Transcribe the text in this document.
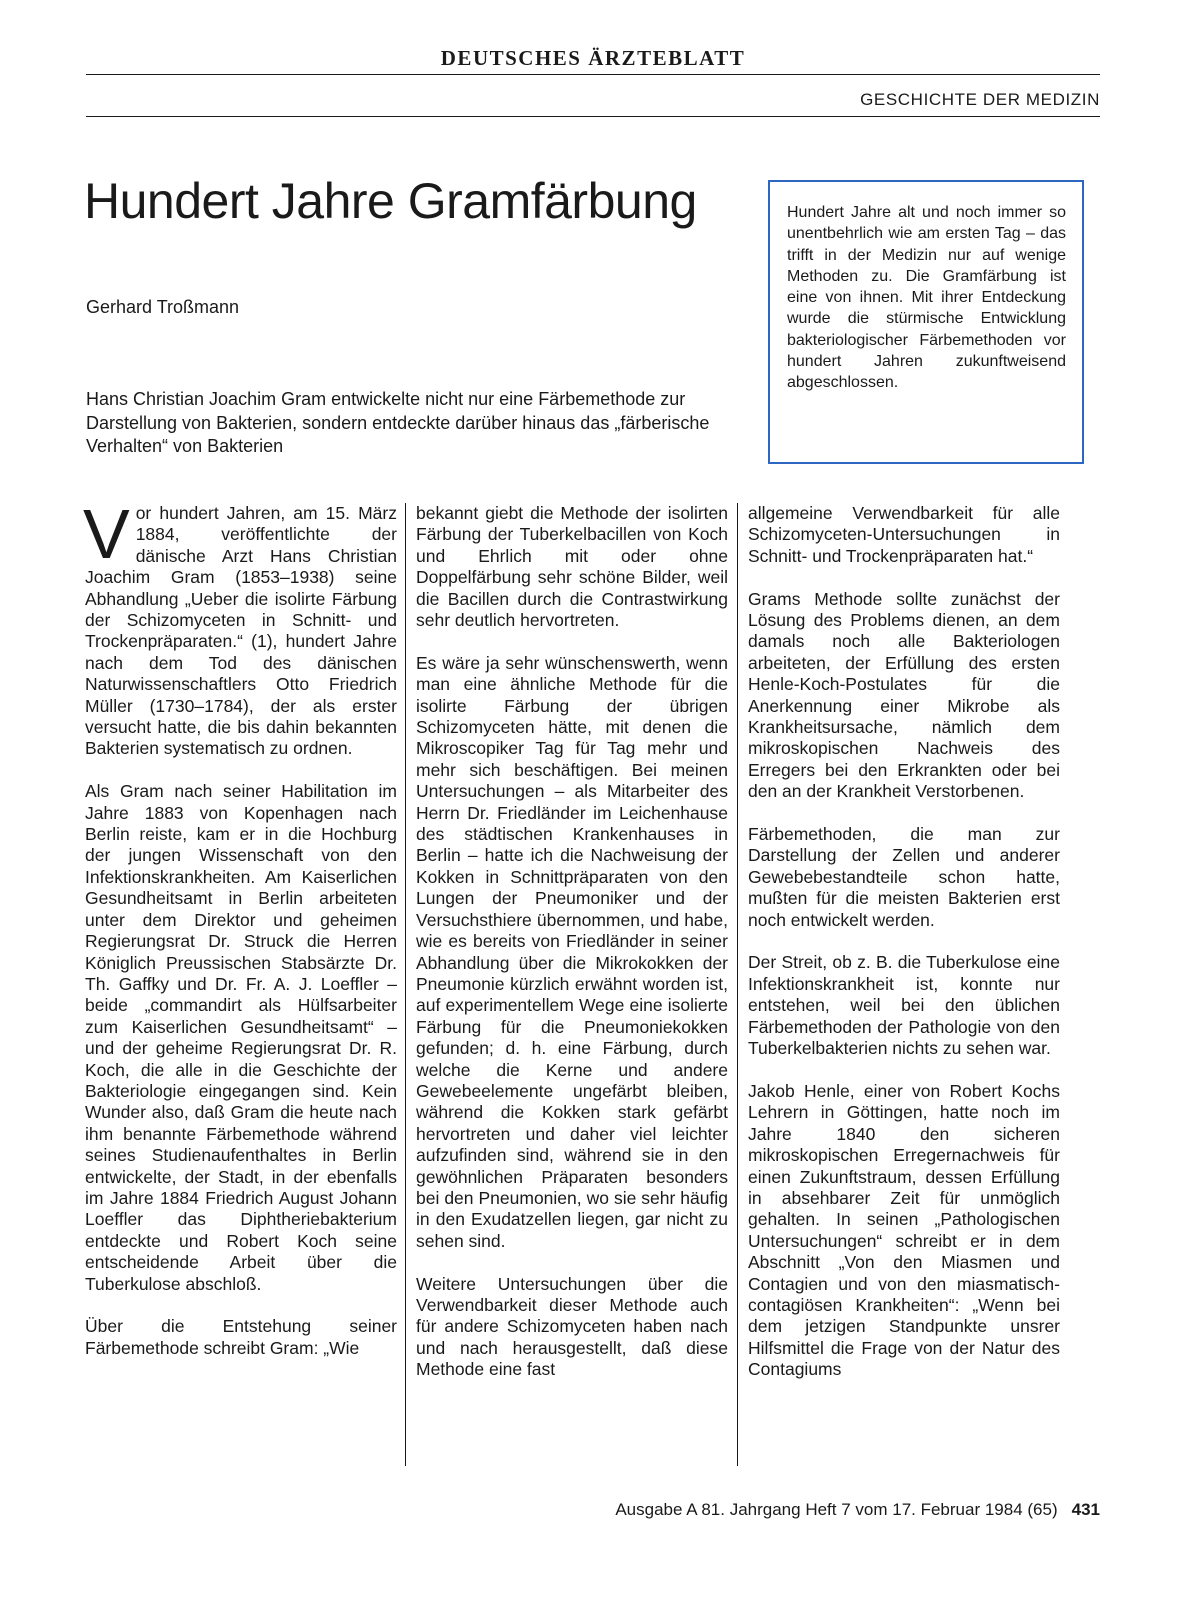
DEUTSCHES ÄRZTEBLATT
GESCHICHTE DER MEDIZIN
Hundert Jahre Gramfärbung
Gerhard Troßmann

Hans Christian Joachim Gram entwickelte nicht nur eine Färbemethode zur Darstellung von Bakterien, sondern entdeckte darüber hinaus das „färberische Verhalten“ von Bakterien

Hundert Jahre alt und noch immer so unentbehrlich wie am ersten Tag – das trifft in der Medizin nur auf wenige Methoden zu. Die Gramfärbung ist eine von ihnen. Mit ihrer Entdeckung wurde die stürmische Entwicklung bakteriologischer Färbemethoden vor hundert Jahren zukunftweisend abgeschlossen.

Vor hundert Jahren, am 15. März 1884, veröffentlichte der dänische Arzt Hans Christian Joachim Gram (1853–1938) seine Abhandlung „Ueber die isolirte Färbung der Schizomyceten in Schnitt- und Trockenpräparaten.“ (1), hundert Jahre nach dem Tod des dänischen Naturwissenschaftlers Otto Friedrich Müller (1730–1784), der als erster versucht hatte, die bis dahin bekannten Bakterien systematisch zu ordnen.

Als Gram nach seiner Habilitation im Jahre 1883 von Kopenhagen nach Berlin reiste, kam er in die Hochburg der jungen Wissenschaft von den Infektionskrankheiten. Am Kaiserlichen Gesundheitsamt in Berlin arbeiteten unter dem Direktor und geheimen Regierungsrat Dr. Struck die Herren Königlich Preussischen Stabsärzte Dr. Th. Gaffky und Dr. Fr. A. J. Loeffler – beide „commandirt als Hülfsarbeiter zum Kaiserlichen Gesundheitsamt“ – und der geheime Regierungsrat Dr. R. Koch, die alle in die Geschichte der Bakteriologie eingegangen sind. Kein Wunder also, daß Gram die heute nach ihm benannte Färbemethode während seines Studienaufenthaltes in Berlin entwickelte, der Stadt, in der ebenfalls im Jahre 1884 Friedrich August Johann Loeffler das Diphtheriebakterium entdeckte und Robert Koch seine entscheidende Arbeit über die Tuberkulose abschloß.

Über die Entstehung seiner Färbemethode schreibt Gram: „Wie

bekannt giebt die Methode der isolirten Färbung der Tuberkelbacillen von Koch und Ehrlich mit oder ohne Doppelfärbung sehr schöne Bilder, weil die Bacillen durch die Contrastwirkung sehr deutlich hervortreten.

Es wäre ja sehr wünschenswerth, wenn man eine ähnliche Methode für die isolirte Färbung der übrigen Schizomyceten hätte, mit denen die Mikroscopiker Tag für Tag mehr und mehr sich beschäftigen. Bei meinen Untersuchungen – als Mitarbeiter des Herrn Dr. Friedländer im Leichenhause des städtischen Krankenhauses in Berlin – hatte ich die Nachweisung der Kokken in Schnittpräparaten von den Lungen der Pneumoniker und der Versuchsthiere übernommen, und habe, wie es bereits von Friedländer in seiner Abhandlung über die Mikrokokken der Pneumonie kürzlich erwähnt worden ist, auf experimentellem Wege eine isolierte Färbung für die Pneumoniekokken gefunden; d. h. eine Färbung, durch welche die Kerne und andere Gewebeelemente ungefärbt bleiben, während die Kokken stark gefärbt hervortreten und daher viel leichter aufzufinden sind, während sie in den gewöhnlichen Präparaten besonders bei den Pneumonien, wo sie sehr häufig in den Exudatzellen liegen, gar nicht zu sehen sind.

Weitere Untersuchungen über die Verwendbarkeit dieser Methode auch für andere Schizomyceten haben nach und nach herausgestellt, daß diese Methode eine fast

allgemeine Verwendbarkeit für alle Schizomyceten-Untersuchungen in Schnitt- und Trockenpräparaten hat.“

Grams Methode sollte zunächst der Lösung des Problems dienen, an dem damals noch alle Bakteriologen arbeiteten, der Erfüllung des ersten Henle-Koch-Postulates für die Anerkennung einer Mikrobe als Krankheitsursache, nämlich dem mikroskopischen Nachweis des Erregers bei den Erkrankten oder bei den an der Krankheit Verstorbenen.

Färbemethoden, die man zur Darstellung der Zellen und anderer Gewebebestandteile schon hatte, mußten für die meisten Bakterien erst noch entwickelt werden.

Der Streit, ob z. B. die Tuberkulose eine Infektionskrankheit ist, konnte nur entstehen, weil bei den üblichen Färbemethoden der Pathologie von den Tuberkelbakterien nichts zu sehen war.

Jakob Henle, einer von Robert Kochs Lehrern in Göttingen, hatte noch im Jahre 1840 den sicheren mikroskopischen Erregernachweis für einen Zukunftstraum, dessen Erfüllung in absehbarer Zeit für unmöglich gehalten. In seinen „Pathologischen Untersuchungen“ schreibt er in dem Abschnitt „Von den Miasmen und Contagien und von den miasmatisch-contagiösen Krankheiten“: „Wenn bei dem jetzigen Standpunkte unsrer Hilfsmittel die Frage von der Natur des Contagiums

Ausgabe A 81. Jahrgang Heft 7 vom 17. Februar 1984 (65) 431
